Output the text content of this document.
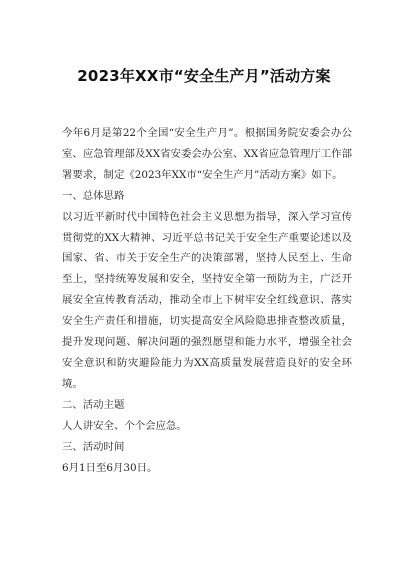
2023年XX市“安全生产月”活动方案

今年6月是第22个全国“安全生产月”。根据国务院安委会办公室、应急管理部及XX省安委会办公室、XX省应急管理厅工作部署要求，制定《2023年XX市“安全生产月”活动方案》如下。

一、总体思路

以习近平新时代中国特色社会主义思想为指导，深入学习宣传贯彻党的XX大精神、习近平总书记关于安全生产重要论述以及国家、省、市关于安全生产的决策部署，坚持人民至上、生命至上，坚持统筹发展和安全，坚持安全第一预防为主，广泛开展安全宣传教育活动，推动全市上下树牢安全红线意识、落实安全生产责任和措施，切实提高安全风险隐患排查整改质量，提升发现问题、解决问题的强烈愿望和能力水平，增强全社会安全意识和防灾避险能力为XX高质量发展营造良好的安全环境。

二、活动主题

人人讲安全、个个会应急。

三、活动时间

6月1日至6月30日。
